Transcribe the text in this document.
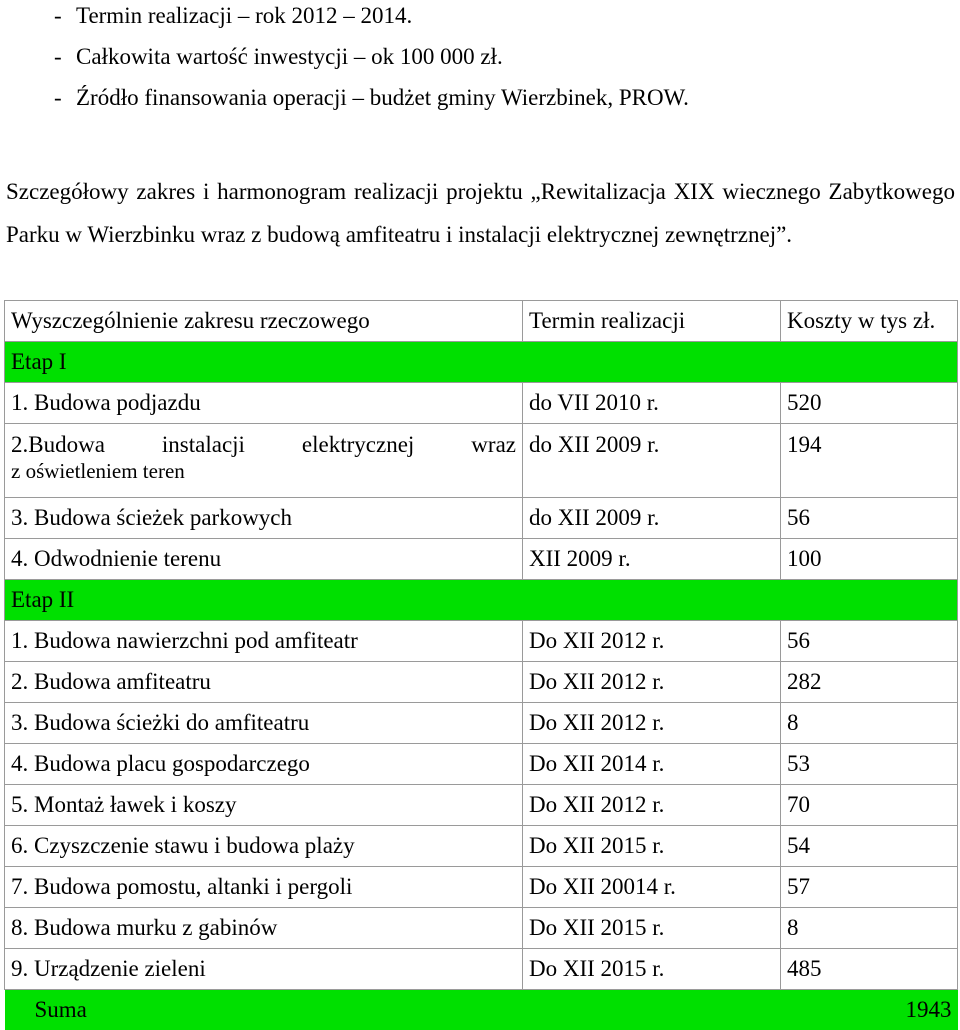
- Termin realizacji – rok 2012 – 2014.
- Całkowita wartość inwestycji – ok 100 000 zł.
- Źródło finansowania operacji – budżet gminy Wierzbinek, PROW.

Szczegółowy zakres i harmonogram realizacji projektu „Rewitalizacja XIX wiecznego Zabytkowego Parku w Wierzbinku wraz z budową amfiteatru i instalacji elektrycznej zewnętrznej”.

Wyszczególnienie zakresu rzeczowego	Termin realizacji	Koszty w tys zł.
Etap I		
1. Budowa podjazdu	do VII 2010 r.	520

2.Budowa instalacji elektrycznej wraz
z oświetleniem teren	do XII 2009 r.	194
3. Budowa ścieżek parkowych	do XII 2009 r.	56
4. Odwodnienie terenu	XII 2009 r.	100
Etap II		
1. Budowa nawierzchni pod amfiteatr	Do XII 2012 r.	56
2. Budowa amfiteatru	Do XII 2012 r.	282
3. Budowa ścieżki do amfiteatru	Do XII 2012 r.	8
4. Budowa placu gospodarczego	Do XII 2014 r.	53
5. Montaż ławek i koszy	Do XII 2012 r.	70
6. Czyszczenie stawu i budowa plaży	Do XII 2015 r.	54
7. Budowa pomostu, altanki i pergoli	Do XII 20014 r.	57
8. Budowa murku z gabinów	Do XII 2015 r.	8
9. Urządzenie zieleni	Do XII 2015 r.	485
Suma 1943		
